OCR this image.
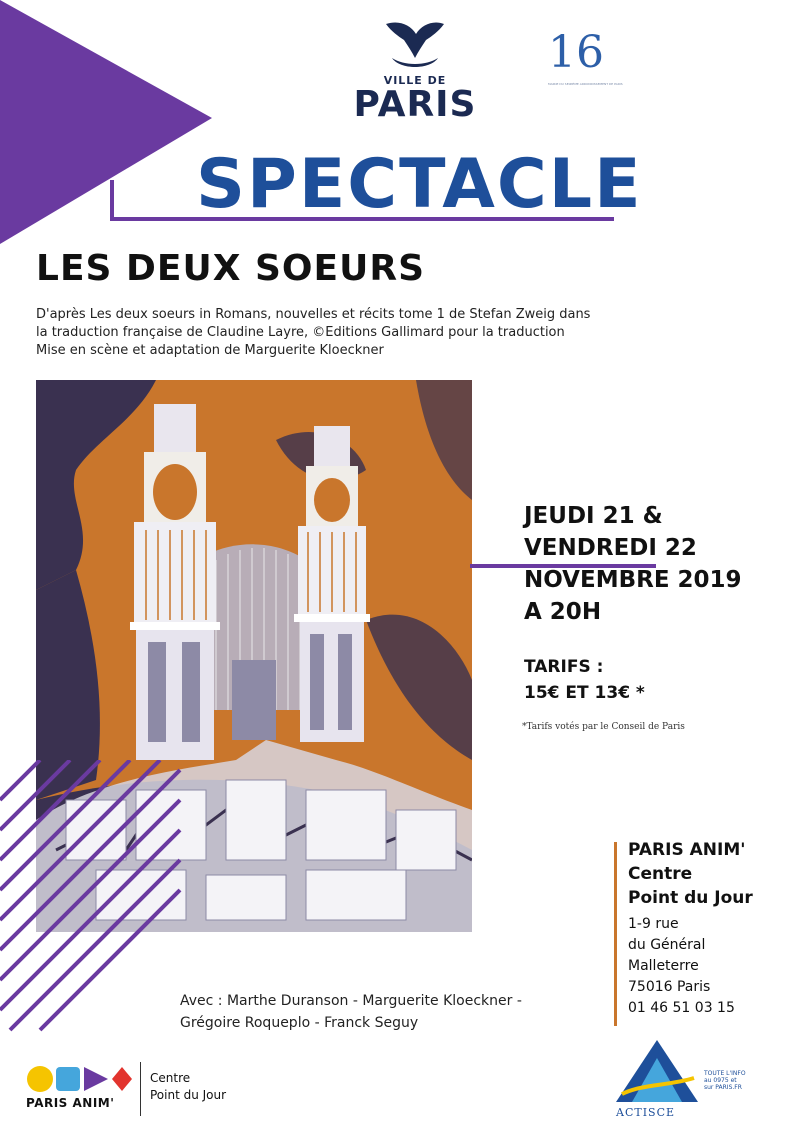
VILLE DE
PARIS
16
MAIRIE DU SEIZIÈME ARRONDISSEMENT DE PARIS
SPECTACLE
LES DEUX SOEURS
D'après Les deux soeurs in Romans, nouvelles et récits tome 1 de Stefan Zweig dans
la traduction française de Claudine Layre, ©Editions Gallimard pour la traduction
Mise en scène et adaptation de Marguerite Kloeckner
JEUDI 21 &
VENDREDI 22
NOVEMBRE 2019
A 20H
TARIFS :
15€ ET 13€ *
*Tarifs votés par le Conseil de Paris
PARIS ANIM'
Centre
Point du Jour
1-9 rue
du Général
Malleterre
75016 Paris
01 46 51 03 15
Avec : Marthe Duranson - Marguerite Kloeckner -
Grégoire Roqueplo - Franck Seguy
PARIS ANIM'
Centre
Point du Jour
ACTISCE
TOUTE L'INFO
au 0975 et
sur PARIS.FR
